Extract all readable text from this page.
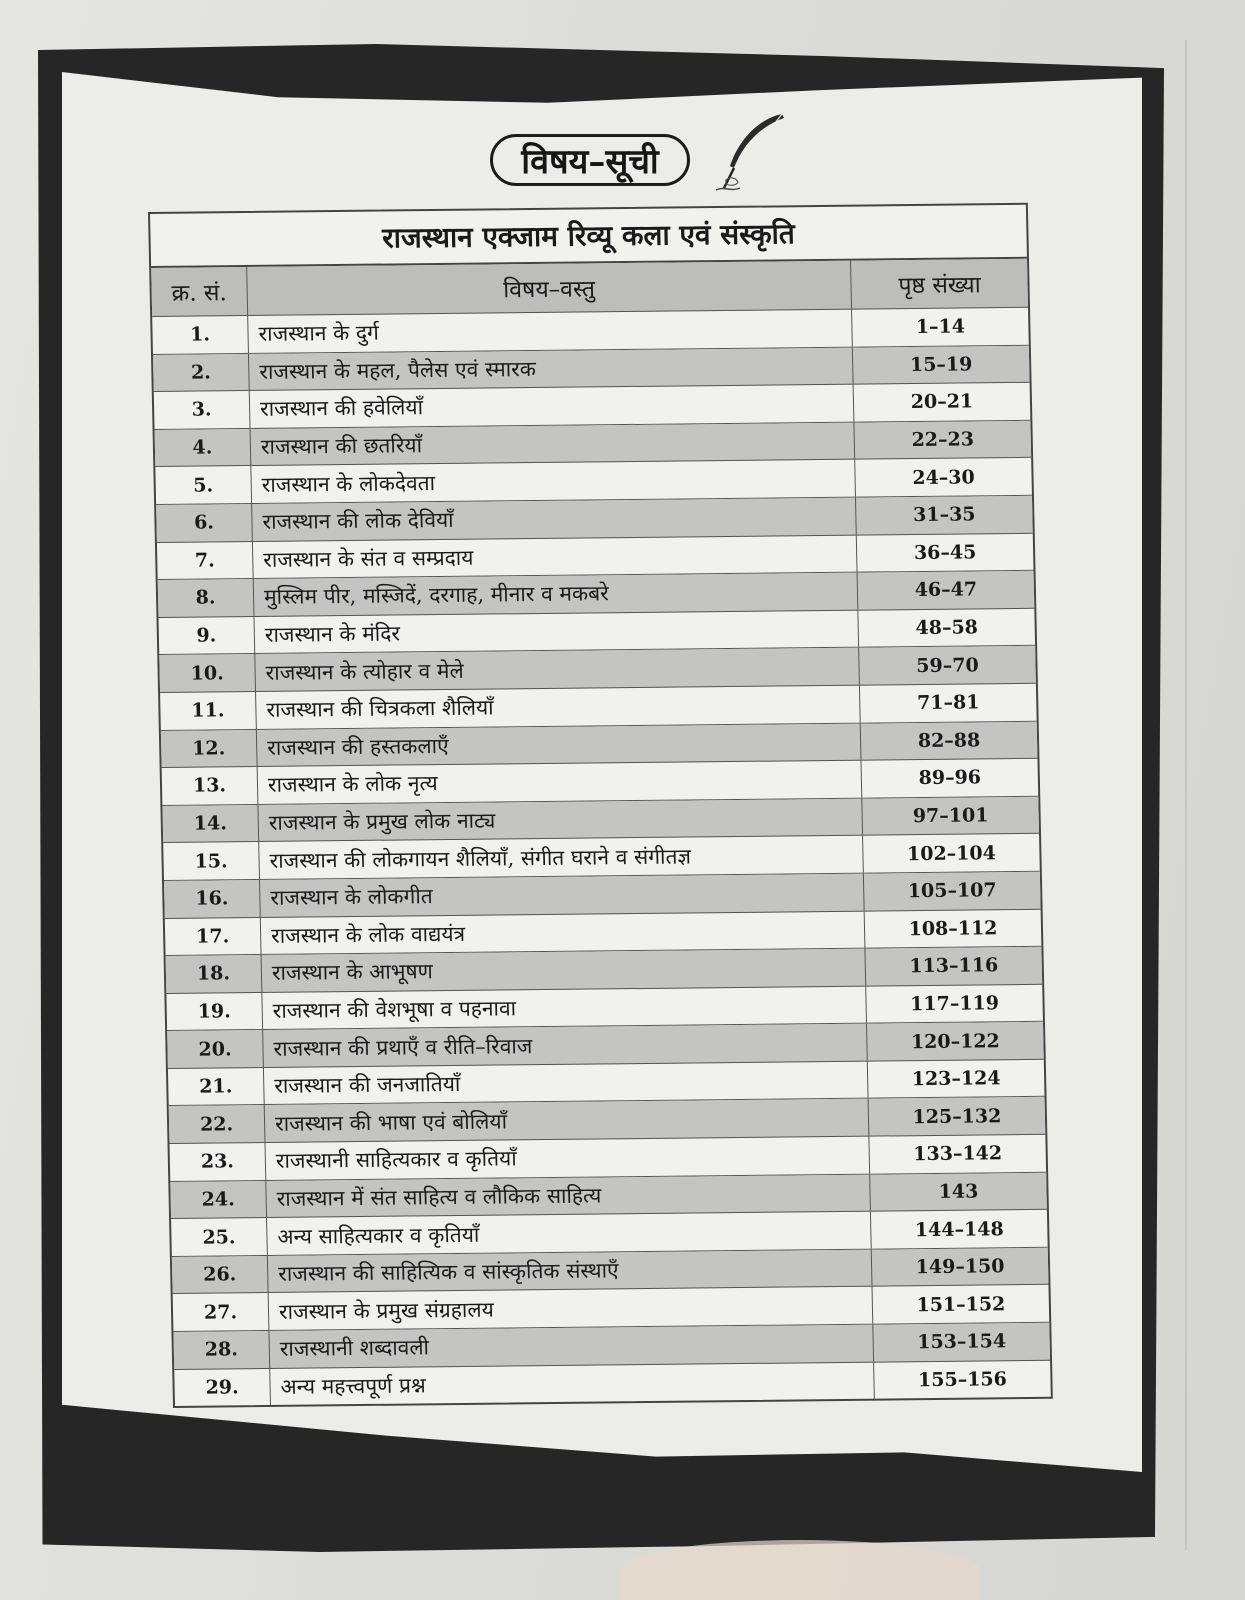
विषय–सूची
राजस्थान एक्जाम रिव्यू कला एवं संस्कृति
क्र. सं.	विषय–वस्तु	पृष्ठ संख्या
1.	राजस्थान के दुर्ग	1–14
2.	राजस्थान के महल, पैलेस एवं स्मारक	15–19
3.	राजस्थान की हवेलियाँ	20–21
4.	राजस्थान की छतरियाँ	22–23
5.	राजस्थान के लोकदेवता	24–30
6.	राजस्थान की लोक देवियाँ	31–35
7.	राजस्थान के संत व सम्प्रदाय	36–45
8.	मुस्लिम पीर, मस्जिदें, दरगाह, मीनार व मकबरे	46–47
9.	राजस्थान के मंदिर	48–58
10.	राजस्थान के त्योहार व मेले	59–70
11.	राजस्थान की चित्रकला शैलियाँ	71–81
12.	राजस्थान की हस्तकलाएँ	82–88
13.	राजस्थान के लोक नृत्य	89–96
14.	राजस्थान के प्रमुख लोक नाट्य	97–101
15.	राजस्थान की लोकगायन शैलियाँ, संगीत घराने व संगीतज्ञ	102–104
16.	राजस्थान के लोकगीत	105–107
17.	राजस्थान के लोक वाद्ययंत्र	108–112
18.	राजस्थान के आभूषण	113–116
19.	राजस्थान की वेशभूषा व पहनावा	117–119
20.	राजस्थान की प्रथाएँ व रीति–रिवाज	120–122
21.	राजस्थान की जनजातियाँ	123–124
22.	राजस्थान की भाषा एवं बोलियाँ	125–132
23.	राजस्थानी साहित्यकार व कृतियाँ	133–142
24.	राजस्थान में संत साहित्य व लौकिक साहित्य	143
25.	अन्य साहित्यकार व कृतियाँ	144–148
26.	राजस्थान की साहित्यिक व सांस्कृतिक संस्थाएँ	149–150
27.	राजस्थान के प्रमुख संग्रहालय	151–152
28.	राजस्थानी शब्दावली	153–154
29.	अन्य महत्त्वपूर्ण प्रश्न	155–156
